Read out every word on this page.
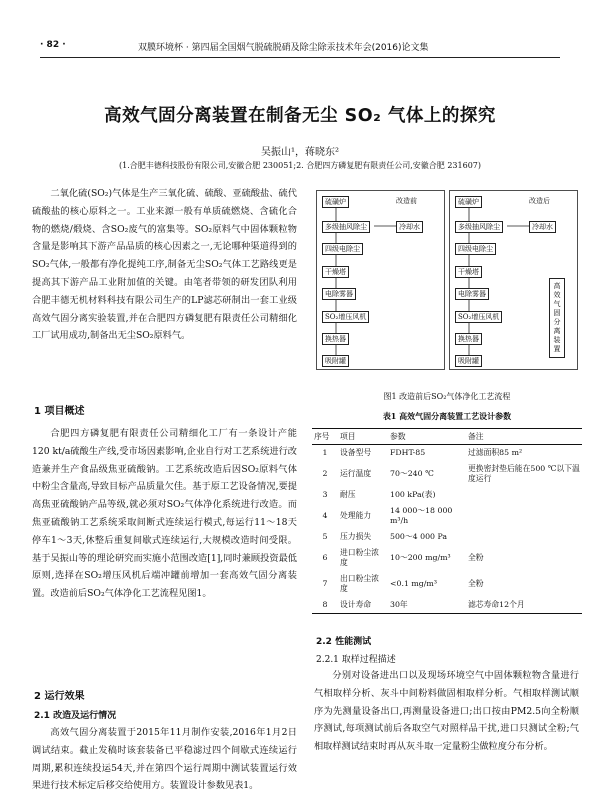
· 82 ·	双膜环境杯 · 第四届全国烟气脱硫脱硝及除尘除汞技术年会(2016)论文集
高效气固分离装置在制备无尘 SO₂ 气体上的探究
吴振山¹，蒋晓东²
(1.合肥丰德科技股份有限公司,安徽合肥 230051;2. 合肥四方磷复肥有限责任公司,安徽合肥 231607)

二氧化硫(SO₂)气体是生产三氧化硫、硫酸、亚硫酸盐、硫代硫酸盐的核心原料之一。工业来源一般有单质硫燃烧、含硫化合物的燃烧/煅烧、含SO₂废气的富集等。SO₂原料气中固体颗粒物含量是影响其下游产品品质的核心因素之一,无论哪种渠道得到的SO₂气体,一般都有净化提纯工序,制备无尘SO₂气体工艺路线更是提高其下游产品工业附加值的关键。由笔者带领的研发团队利用合肥丰德无机材料科技有限公司生产的LP滤芯研制出一套工业级高效气固分离实验装置,并在合肥四方磷复肥有限责任公司精细化工厂试用成功,制备出无尘SO₂原料气。

1 项目概述

合肥四方磷复肥有限责任公司精细化工厂有一条设计产能120 kt/a硫酸生产线,受市场因素影响,企业自行对工艺系统进行改造兼并生产食品级焦亚硫酸钠。工艺系统改造后因SO₂原料气体中粉尘含量高,导致目标产品质量欠佳。基于原工艺设备情况,要提高焦亚硫酸钠产品等级,就必须对SO₂气体净化系统进行改造。而焦亚硫酸钠工艺系统采取间断式连续运行模式,每运行11～18天停车1～3天,休整后重复间歇式连续运行,大规模改造时间受限。基于吴振山等的理论研究而实施小范围改造[1],同时兼顾投资最低原则,选择在SO₂增压风机后端冲罐前增加一套高效气固分离装置。改造前后SO₂气体净化工艺流程见图1。

2 运行效果
2.1 改造及运行情况

高效气固分离装置于2015年11月制作安装,2016年1月2日调试结束。截止发稿时该套装备已平稳滤过四个间歇式连续运行周期,累积连续投运54天,并在第四个运行周期中测试装置运行效果进行技术标定后移交给使用方。装置设计参数见表1。

改造前	改造后
硫磺炉
多级抽风除尘	冷却水
四级电除尘
干燥塔
电除雾器
SO₂增压风机
换热器
吸附罐
硫磺炉
多级抽风除尘	冷却水
四级电除尘
干燥塔
电除雾器
SO₂增压风机
换热器
吸附罐
高效气固分离装置
图1 改造前后SO₂气体净化工艺流程
表1 高效气固分离装置工艺设计参数
序号	项目	参数	备注
1	设备型号	FDHT-85	过滤面积85 m²
2	运行温度	70～240 ℃	更换密封垫后能在500 ℃以下温度运行
3	耐压	100 kPa(表)	
4	处理能力	14 000～18 000 m³/h	
5	压力损失	500～4 000 Pa	
6	进口粉尘浓度	10～200 mg/m³	全粉
7	出口粉尘浓度	<0.1 mg/m³	全粉
8	设计寿命	30年	滤芯寿命12个月
2.2 性能测试
2.2.1 取样过程描述

分别对设备进出口以及现场环境空气中固体颗粒物含量进行气相取样分析、灰斗中间粉料做固相取样分析。气相取样测试顺序为先测量设备出口,再测量设备进口;出口按由PM2.5向全粉顺序测试,每项测试前后各取空气对照样品干扰,进口只测试全粉;气相取样测试结束时再从灰斗取一定量粉尘做粒度分布分析。
